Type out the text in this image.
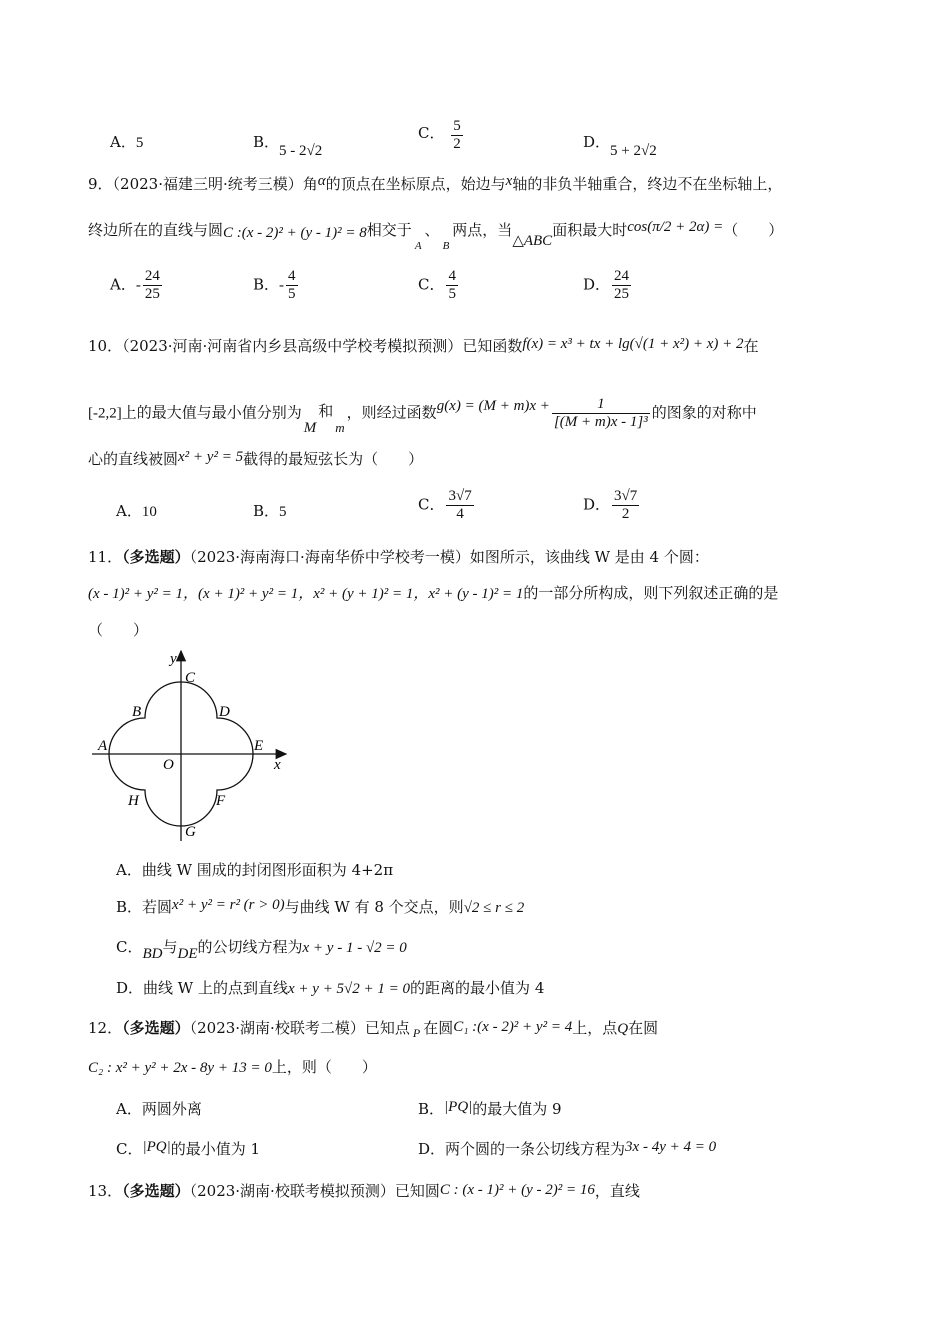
A．5	B．5 - 2√2
C． $\frac{5}{2}$	D．5 + 2√2
9．（2023·福建三明·统考三模）角α的顶点在坐标原点，始边与x轴的非负半轴重合，终边不在坐标轴上，
终边所在的直线与圆C :(x - 2)² + (y - 1)² = 8相交于$_A$、$_B$两点，当△ABC面积最大时cos(π/2 + 2α) =（　　）
A．- $\frac{24}{25}$	B．- $\frac{4}{5}$	C． $\frac{4}{5}$	D． $\frac{24}{25}$
10．（2023·河南·河南省内乡县高级中学校考模拟预测）已知函数f(x) = x³ + tx + lg(√(1 + x²) + x) + 2在
[-2,2]上的最大值与最小值分别为M和m，则经过函数$g(x) = (M + m)x + \frac{1}{\text{[(M + m)x - 1]³}}$ 的图象的对称中
心的直线被圆x² + y² = 5截得的最短弦长为（　　）
A．10	B．5	C． $\frac{3√7}{4}$	D． $\frac{3√7}{2}$
11．（多选题）（2023·海南海口·海南华侨中学校考一模）如图所示，该曲线 W 是由 4 个圆：
(x - 1)² + y² = 1，(x + 1)² + y² = 1，x² + (y + 1)² = 1，x² + (y - 1)² = 1的一部分所构成，则下列叙述正确的是
（　　）
y
C
B	D
A	E
O	x
H	F
G
A．曲线 W 围成的封闭图形面积为 4+2π
B．若圆x² + y² = r² (r > 0)与曲线 W 有 8 个交点，则√2 ≤ r ≤ 2
C．BD与DE的公切线方程为x + y - 1 - √2 = 0
D．曲线 W 上的点到直线x + y + 5√2 + 1 = 0的距离的最小值为 4
12．（多选题）（2023·湖南·校联考二模）已知点 $_P$ 在圆C₁ :(x - 2)² + y² = 4上，点Q在圆
C₂ : x² + y² + 2x - 8y + 13 = 0上，则（　　）
A．两圆外离	B．|PQ|的最大值为 9
C．|PQ|的最小值为 1	D．两个圆的一条公切线方程为3x - 4y + 4 = 0
13．（多选题）（2023·湖南·校联考模拟预测）已知圆C : (x - 1)² + (y - 2)² = 16，直线
